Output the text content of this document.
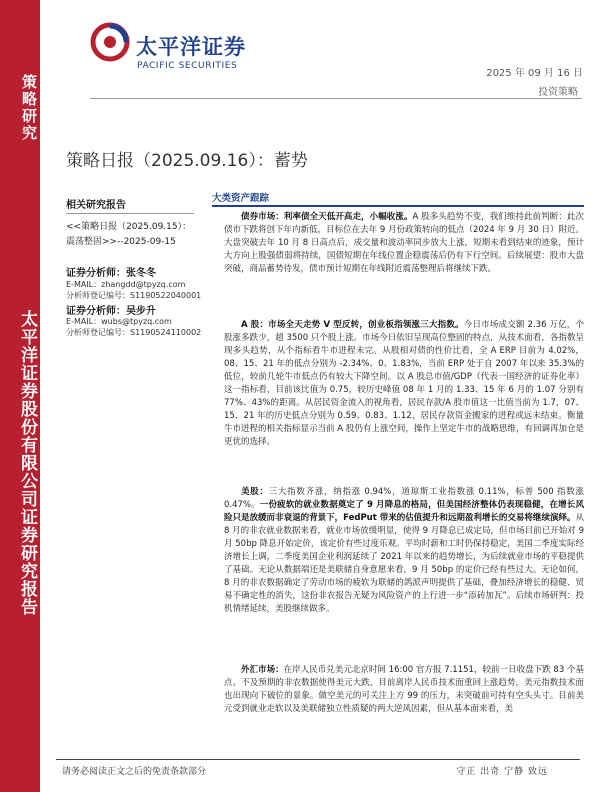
策略研究
太平洋证券股份有限公司证券研究报告
太平洋证券
PACIFIC SECURITIES
2025 年 09 月 16 日
投资策略
策略日报（2025.09.16）：蓄势
相关研究报告
<<策略日报（2025.09.15）：震荡整固>>--2025-09-15
证券分析师：张冬冬
E-MAIL：zhangdd@tpyzq.com
分析师登记编号：S1190522040001
证券分析师：吴步升
E-MAIL：wubs@tpyzq.com
分析师登记编号：S1190524110002
大类资产跟踪
债券市场：利率债全天低开高走，小幅收涨。A 股多头趋势不变，我们维持此前判断：此次债市下跌将创下年内新低，目标位在去年 9 月份政策转向的低点（2024 年 9 月 30 日）附近。大盘突破去年 10 月 8 日高点后，成交量和波动率同步放大上涨，短期未看到结束的迹象，预计大方向上股强债弱将持续，国债短期在年线位置企稳震荡后仍有下行空间。后续展望：股市大盘突破，商品蓄势待发，债市预计短期在年线附近震荡整理后将继续下跌。
A 股：市场全天走势 V 型反转，创业板指领涨三大指数。今日市场成交额 2.36 万亿，个股涨多跌少，超 3500 只个股上涨。市场今日依旧呈现高位整固的特点，从技术面看，各指数呈现多头趋势，从个指标看牛市进程未完。从股相对债的性价比看，全 A ERP 目前为 4.02%，08、15、21 年的低点分别为 -2.34%、0、1.83%，当前 ERP 处于自 2007 年以来 35.3%的低位，较前几轮牛市低点仍有较大下降空间。以 A 股总市值/GDP（代表一国经济的证券化率）这一指标看，目前该比值为 0.75，较历史峰值 08 年 1 月的 1.33、15 年 6 月的 1.07 分别有 77%、43%的距离。从居民资金流入的视角看，居民存款/A 股市值这一比值当前为 1.7，07、15、21 年的历史低点分别为 0.59、0.83、1.12，居民存款资金搬家的进程或远未结束。衡量牛市进程的相关指标显示当前 A 股仍有上涨空间，操作上坚定牛市的战略思维，有回调再加仓是更优的选择。
美股：三大指数齐涨，纳指涨 0.94%，道琼斯工业指数涨 0.11%，标普 500 指数涨 0.47%。一份疲软的就业数据奠定了 9 月降息的格局，但美国经济整体仍表现稳健，在增长风险只是放缓而非衰退的背景下，FedPut 带来的估值提升和远期盈利增长的交易将继续演绎。从 8 月的非农就业数据来看，就业市场放缓明显，使得 9 月降息已成定局，但市场目前已开始对 9 月 50bp 降息开始定价，该定价有些过度乐观。平均时薪和工时仍保持稳定，美国二季度实际经济增长上调，二季度美国企业利润延续了 2021 年以来的趋势增长，为后续就业市场的平稳提供了基础。无论从数据端还是美联储自身意愿来看，9 月 50bp 的定价已经有些过大。无论如何，8 月的非农数据确定了劳动市场的疲软为联储的鸽派声明提供了基础，叠加经济增长的稳健、贸易不确定性的消失，这份非农报告无疑为风险资产的上行进一步“添砖加瓦”。后续市场研判：投机情绪延续，美股继续做多。
外汇市场：在岸人民币兑美元北京时间 16:00 官方报 7.1151，较前一日收盘下跌 83 个基点。不及预期的非农数据使得美元大跌，目前离岸人民币技术面重回上涨趋势，美元指数技术面也出现向下破位的景象。做空美元的可关注上方 99 的压力，未突破前可持有空头头寸。目前美元受到就业走软以及美联储独立性质疑的两大逆风因素，但从基本面来看，美
请务必阅读正文之后的免责条款部分	守正 出奇 宁静 致远
